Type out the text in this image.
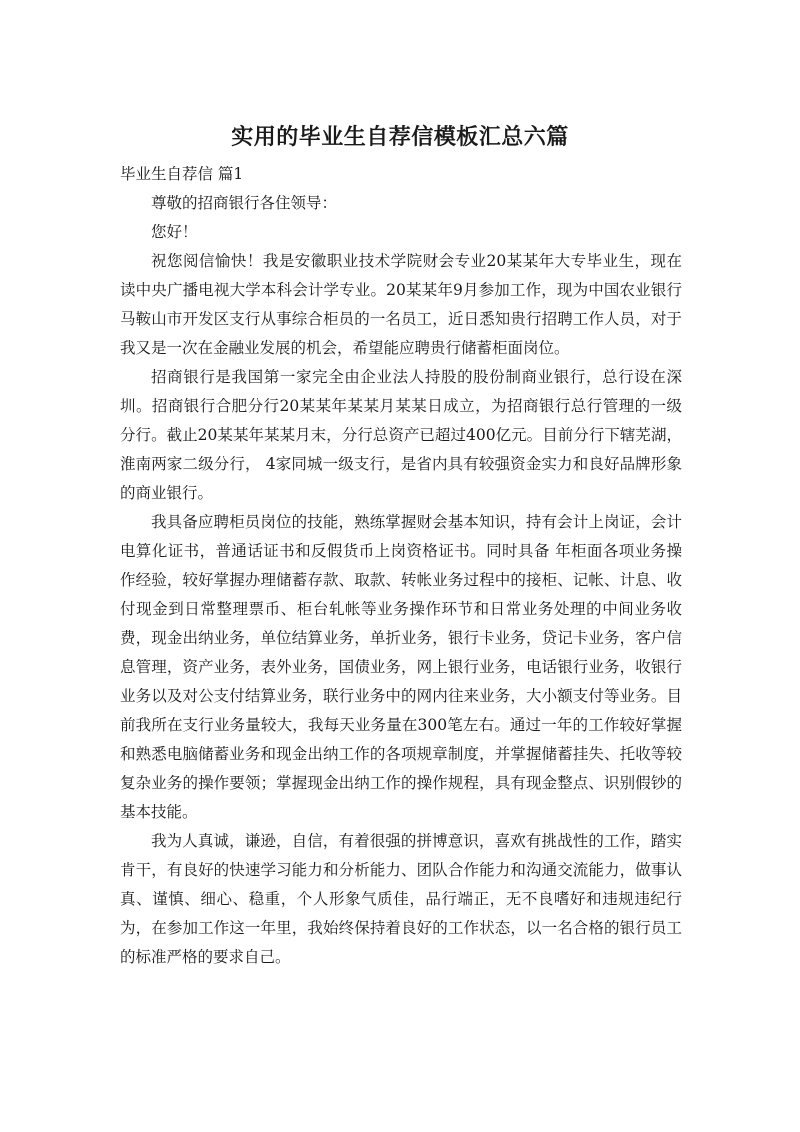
实用的毕业生自荐信模板汇总六篇

毕业生自荐信 篇1

尊敬的招商银行各住领导：

您好！

祝您阅信愉快！我是安徽职业技术学院财会专业20某某年大专毕业生，现在读中央广播电视大学本科会计学专业。20某某年9月参加工作，现为中国农业银行马鞍山市开发区支行从事综合柜员的一名员工，近日悉知贵行招聘工作人员，对于我又是一次在金融业发展的机会，希望能应聘贵行储蓄柜面岗位。

招商银行是我国第一家完全由企业法人持股的股份制商业银行，总行设在深圳。招商银行合肥分行20某某年某某月某某日成立，为招商银行总行管理的一级分行。截止20某某年某某月末，分行总资产已超过400亿元。目前分行下辖芜湖，淮南两家二级分行， 4家同城一级支行，是省内具有较强资金实力和良好品牌形象的商业银行。

我具备应聘柜员岗位的技能，熟练掌握财会基本知识，持有会计上岗证，会计电算化证书，普通话证书和反假货币上岗资格证书。同时具备 年柜面各项业务操作经验，较好掌握办理储蓄存款、取款、转帐业务过程中的接柜、记帐、计息、收付现金到日常整理票币、柜台轧帐等业务操作环节和日常业务处理的中间业务收费，现金出纳业务，单位结算业务，单折业务，银行卡业务，贷记卡业务，客户信息管理，资产业务，表外业务，国债业务，网上银行业务，电话银行业务，收银行业务以及对公支付结算业务，联行业务中的网内往来业务，大小额支付等业务。目前我所在支行业务量较大，我每天业务量在300笔左右。通过一年的工作较好掌握和熟悉电脑储蓄业务和现金出纳工作的各项规章制度，并掌握储蓄挂失、托收等较复杂业务的操作要领；掌握现金出纳工作的操作规程，具有现金整点、识别假钞的基本技能。

我为人真诚，谦逊，自信，有着很强的拼博意识，喜欢有挑战性的工作，踏实肯干，有良好的快速学习能力和分析能力、团队合作能力和沟通交流能力，做事认真、谨慎、细心、稳重，个人形象气质佳，品行端正，无不良嗜好和违规违纪行为，在参加工作这一年里，我始终保持着良好的工作状态，以一名合格的银行员工的标准严格的要求自己。
